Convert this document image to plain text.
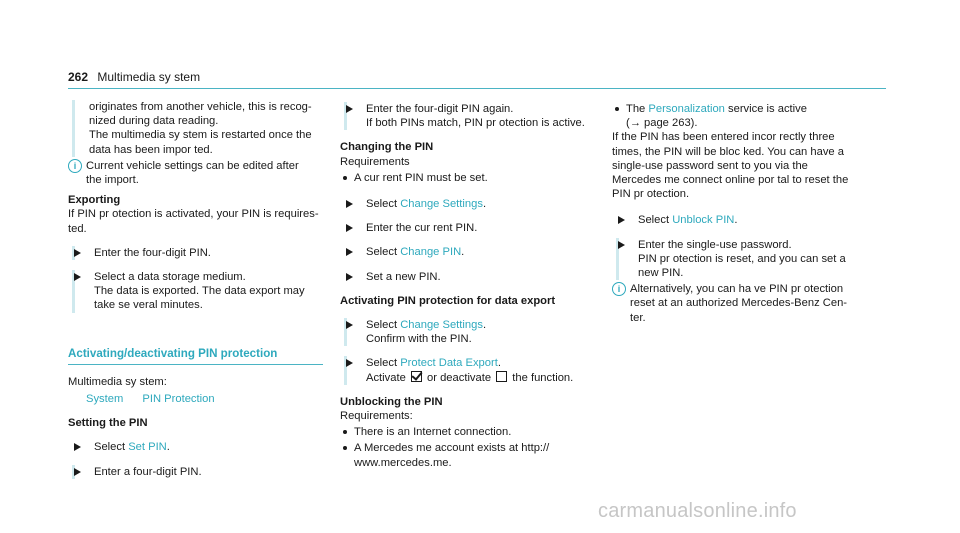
262 Multimedia sy stem
originates from another vehicle, this is recog-
nized during data reading.
The multimedia sy stem is restarted once the
data has been impor ted.
i Current vehicle settings can be edited after
the import.
Exporting
If PIN pr otection is activated, your PIN is requires-
ted.
Enter the four-digit PIN.
Select a data storage medium.
The data is exported. The data export may
take se veral minutes.
Activating/deactivating PIN protection
Multimedia sy stem:
System PIN Protection
Setting the PIN
Select Set PIN.
Enter a four-digit PIN.
Enter the four-digit PIN again.
If both PINs match, PIN pr otection is active.
Changing the PIN
Requirements
A cur rent PIN must be set.
Select Change Settings.
Enter the cur rent PIN.
Select Change PIN.
Set a new PIN.
Activating PIN protection for data export
Select Change Settings.
Confirm with the PIN.
Select Protect Data Export.
Activate or deactivate the function.
Unblocking the PIN
Requirements:
There is an Internet connection.
A Mercedes me account exists at http://
www.mercedes.me.
The Personalization service is active
(→ page 263).
If the PIN has been entered incor rectly three
times, the PIN will be bloc ked. You can have a
single-use password sent to you via the
Mercedes me connect online por tal to reset the
PIN pr otection.
Select Unblock PIN.
Enter the single-use password.
PIN pr otection is reset, and you can set a
new PIN.
i Alternatively, you can ha ve PIN pr otection
reset at an authorized Mercedes-Benz Cen-
ter.
carmanualsonline.info
